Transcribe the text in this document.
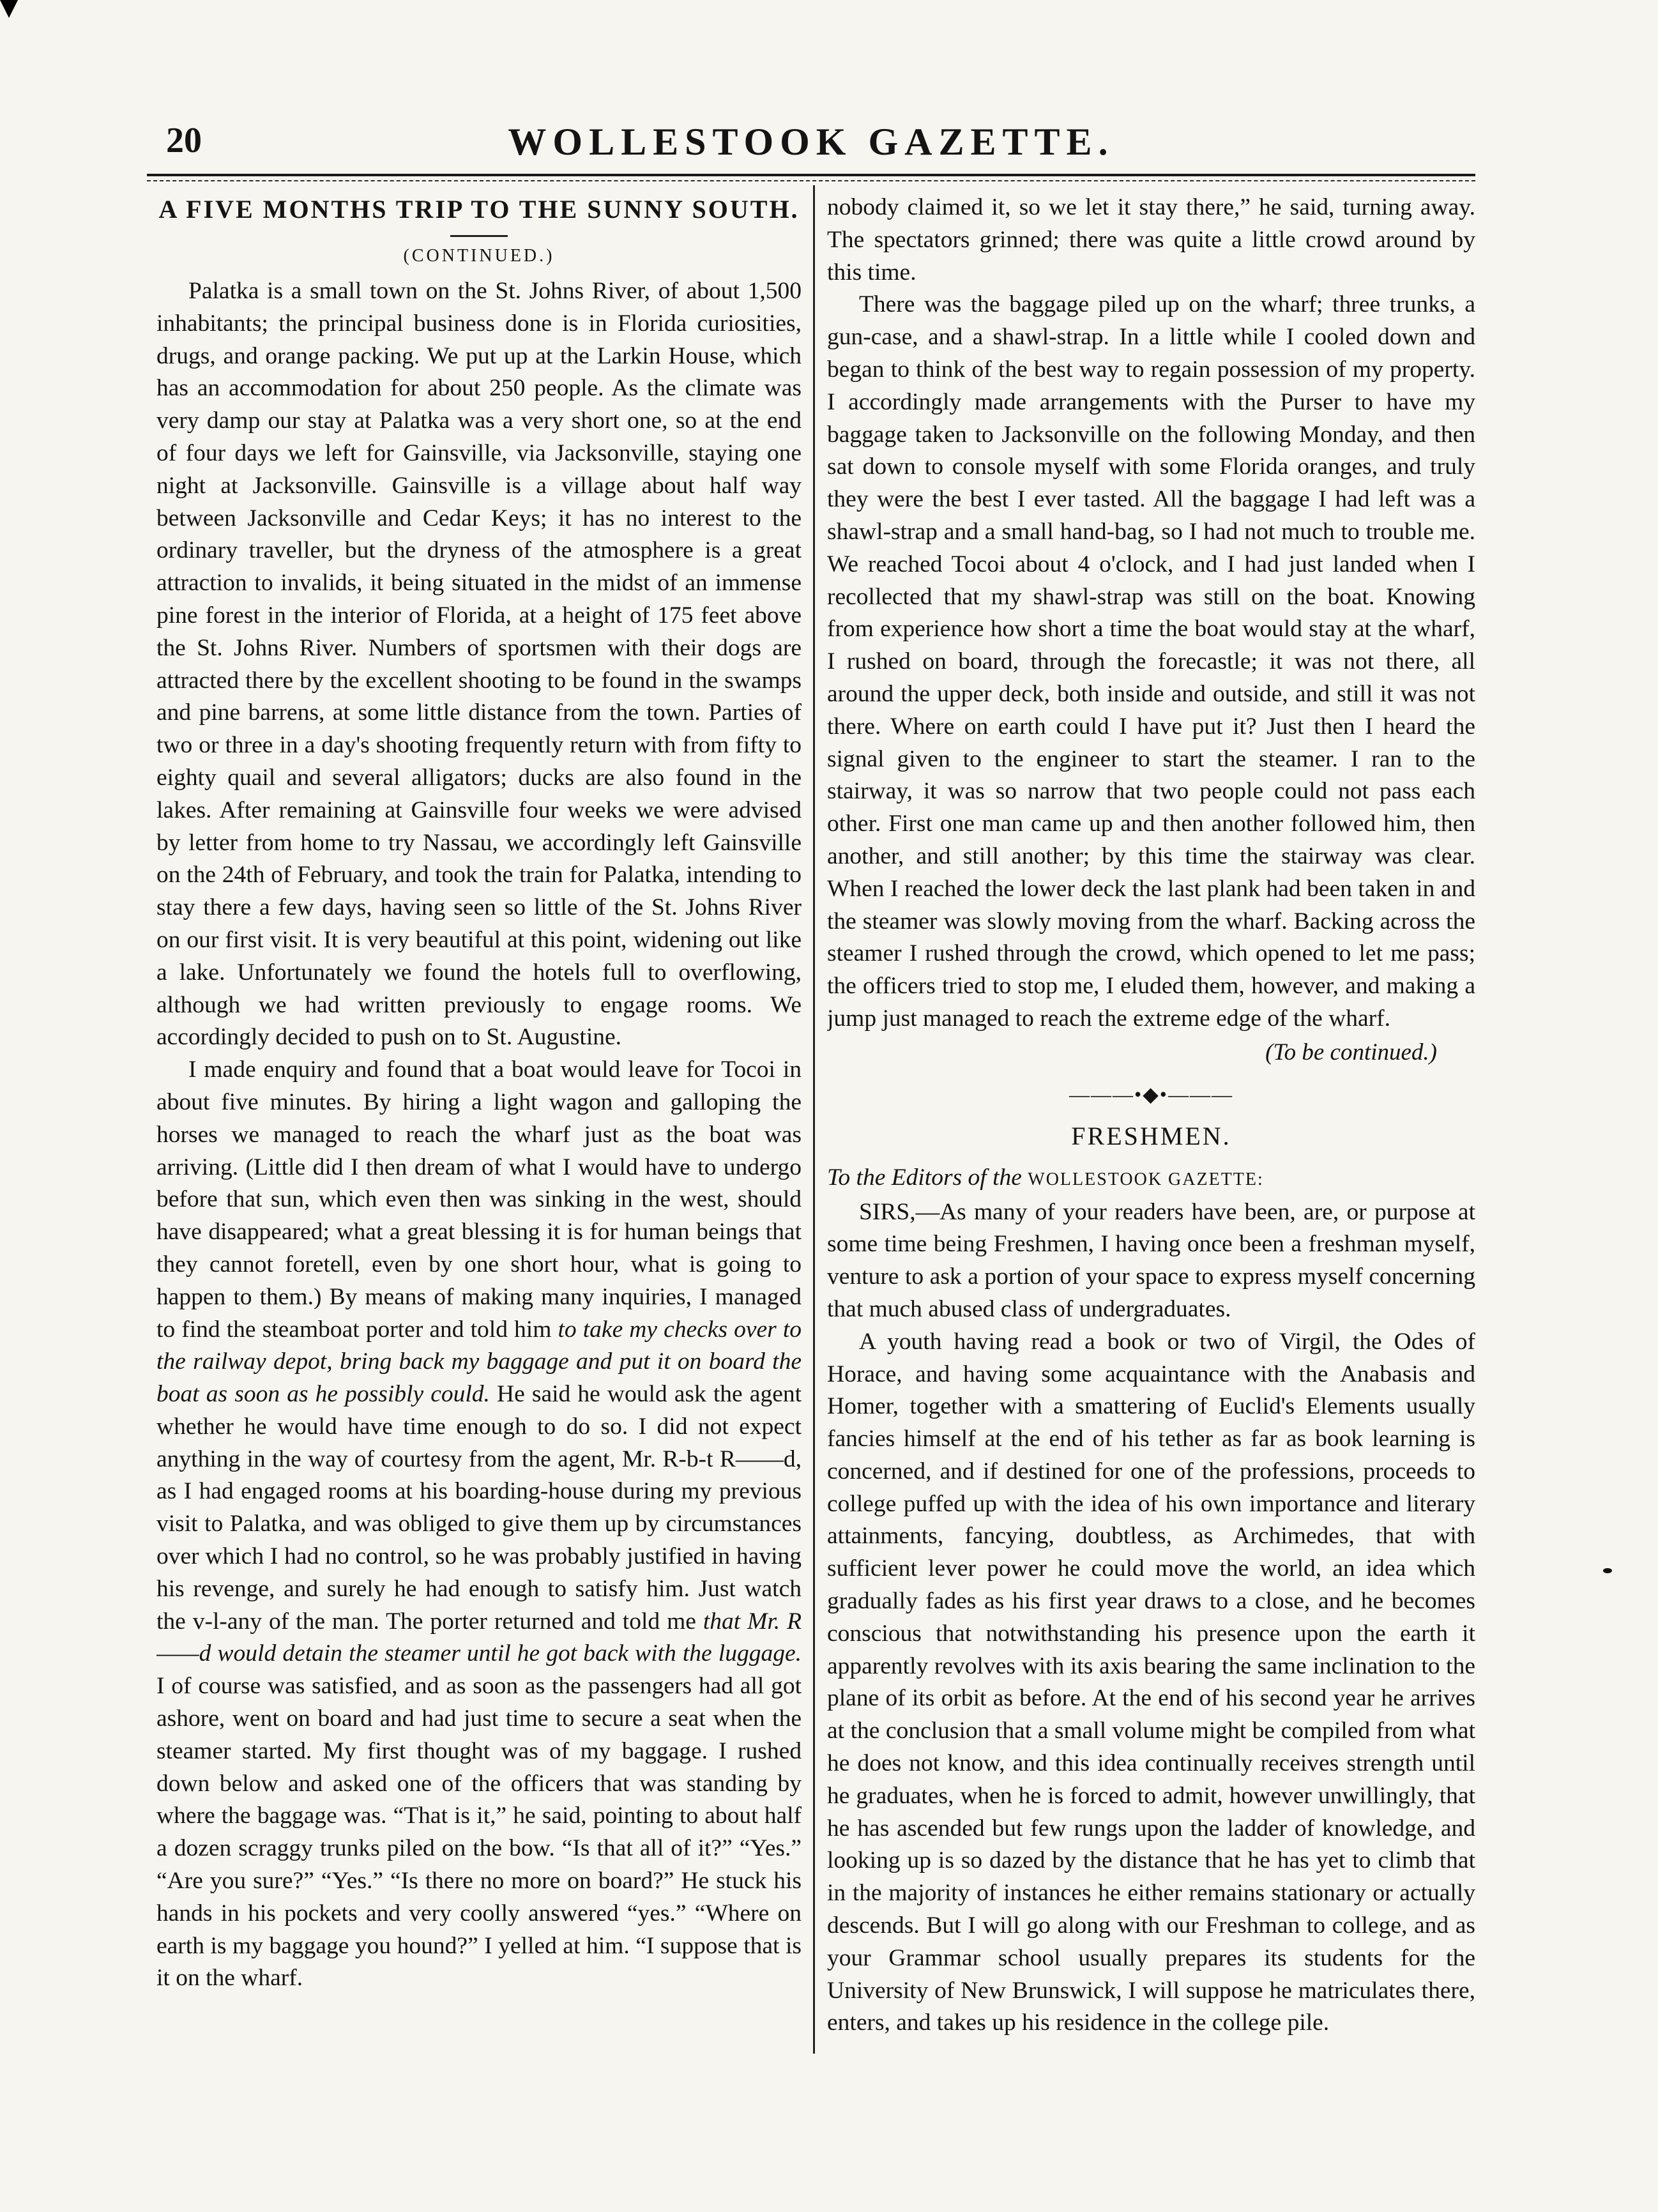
20	WOLLESTOOK GAZETTE.
A FIVE MONTHS TRIP TO THE SUNNY SOUTH.
(CONTINUED.)

Palatka is a small town on the St. Johns River, of about 1,500 inhabitants; the principal business done is in Florida curiosities, drugs, and orange packing. We put up at the Larkin House, which has an accommodation for about 250 people. As the climate was very damp our stay at Palatka was a very short one, so at the end of four days we left for Gainsville, via Jacksonville, staying one night at Jacksonville. Gainsville is a village about half way between Jacksonville and Cedar Keys; it has no interest to the ordinary traveller, but the dryness of the atmosphere is a great attraction to invalids, it being situated in the midst of an immense pine forest in the interior of Florida, at a height of 175 feet above the St. Johns River. Numbers of sportsmen with their dogs are attracted there by the excellent shooting to be found in the swamps and pine barrens, at some little distance from the town. Parties of two or three in a day's shooting frequently return with from fifty to eighty quail and several alligators; ducks are also found in the lakes. After remaining at Gainsville four weeks we were advised by letter from home to try Nassau, we accordingly left Gainsville on the 24th of February, and took the train for Palatka, intending to stay there a few days, having seen so little of the St. Johns River on our first visit. It is very beautiful at this point, widening out like a lake. Unfortunately we found the hotels full to overflowing, although we had written previously to engage rooms. We accordingly decided to push on to St. Augustine.

I made enquiry and found that a boat would leave for Tocoi in about five minutes. By hiring a light wagon and galloping the horses we managed to reach the wharf just as the boat was arriving. (Little did I then dream of what I would have to undergo before that sun, which even then was sinking in the west, should have disappeared; what a great blessing it is for human beings that they cannot foretell, even by one short hour, what is going to happen to them.) By means of making many inquiries, I managed to find the steamboat porter and told him to take my checks over to the railway depot, bring back my baggage and put it on board the boat as soon as he possibly could. He said he would ask the agent whether he would have time enough to do so. I did not expect anything in the way of courtesy from the agent, Mr. R-b-t R——d, as I had engaged rooms at his boarding-house during my previous visit to Palatka, and was obliged to give them up by circumstances over which I had no control, so he was probably justified in having his revenge, and surely he had enough to satisfy him. Just watch the v-l-any of the man. The porter returned and told me that Mr. R——d would detain the steamer until he got back with the luggage. I of course was satisfied, and as soon as the passengers had all got ashore, went on board and had just time to secure a seat when the steamer started. My first thought was of my baggage. I rushed down below and asked one of the officers that was standing by where the baggage was. “That is it,” he said, pointing to about half a dozen scraggy trunks piled on the bow. “Is that all of it?” “Yes.” “Are you sure?” “Yes.” “Is there no more on board?” He stuck his hands in his pockets and very coolly answered “yes.” “Where on earth is my baggage you hound?” I yelled at him. “I suppose that is it on the wharf.

nobody claimed it, so we let it stay there,” he said, turning away. The spectators grinned; there was quite a little crowd around by this time.

There was the baggage piled up on the wharf; three trunks, a gun-case, and a shawl-strap. In a little while I cooled down and began to think of the best way to regain possession of my property. I accordingly made arrangements with the Purser to have my baggage taken to Jacksonville on the following Monday, and then sat down to console myself with some Florida oranges, and truly they were the best I ever tasted. All the baggage I had left was a shawl-strap and a small hand-bag, so I had not much to trouble me. We reached Tocoi about 4 o'clock, and I had just landed when I recollected that my shawl-strap was still on the boat. Knowing from experience how short a time the boat would stay at the wharf, I rushed on board, through the forecastle; it was not there, all around the upper deck, both inside and outside, and still it was not there. Where on earth could I have put it? Just then I heard the signal given to the engineer to start the steamer. I ran to the stairway, it was so narrow that two people could not pass each other. First one man came up and then another followed him, then another, and still another; by this time the stairway was clear. When I reached the lower deck the last plank had been taken in and the steamer was slowly moving from the wharf. Backing across the steamer I rushed through the crowd, which opened to let me pass; the officers tried to stop me, I eluded them, however, and making a jump just managed to reach the extreme edge of the wharf.

(To be continued.)
———•◆•———
FRESHMEN.

To the Editors of the WOLLESTOOK GAZETTE:

SIRS,—As many of your readers have been, are, or purpose at some time being Freshmen, I having once been a freshman myself, venture to ask a portion of your space to express myself concerning that much abused class of undergraduates.

A youth having read a book or two of Virgil, the Odes of Horace, and having some acquaintance with the Anabasis and Homer, together with a smattering of Euclid's Elements usually fancies himself at the end of his tether as far as book learning is concerned, and if destined for one of the professions, proceeds to college puffed up with the idea of his own importance and literary attainments, fancying, doubtless, as Archimedes, that with sufficient lever power he could move the world, an idea which gradually fades as his first year draws to a close, and he becomes conscious that notwithstanding his presence upon the earth it apparently revolves with its axis bearing the same inclination to the plane of its orbit as before. At the end of his second year he arrives at the conclusion that a small volume might be compiled from what he does not know, and this idea continually receives strength until he graduates, when he is forced to admit, however unwillingly, that he has ascended but few rungs upon the ladder of knowledge, and looking up is so dazed by the distance that he has yet to climb that in the majority of instances he either remains stationary or actually descends. But I will go along with our Freshman to college, and as your Grammar school usually prepares its students for the University of New Brunswick, I will suppose he matriculates there, enters, and takes up his residence in the college pile.
